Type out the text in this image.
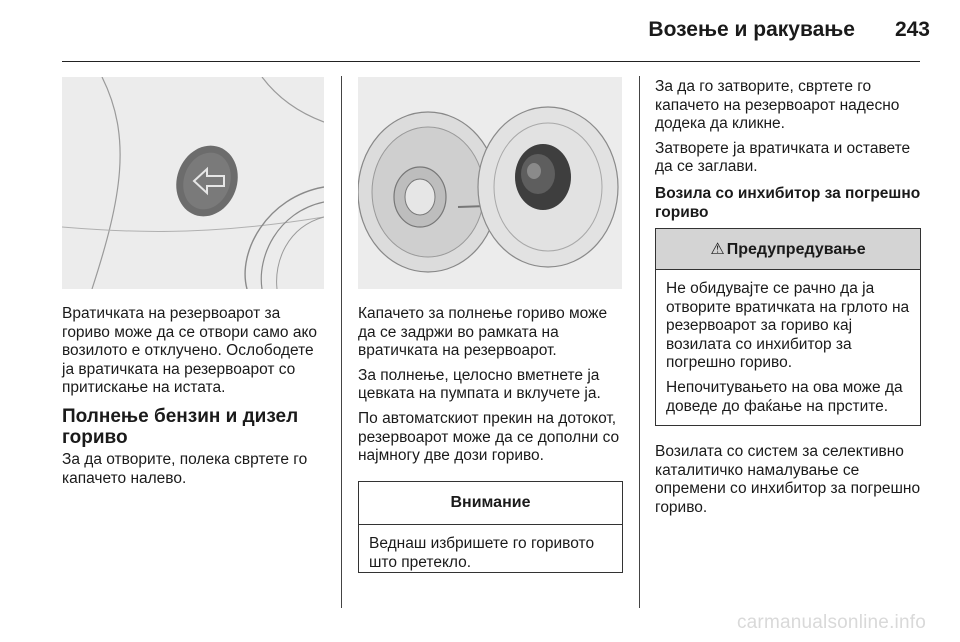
Возење и ракување	243

Вратичката на резервоарот за гориво може да се отвори само ако возилото е отклучено. Ослободете ја вратичката на резервоарот со притискање на истата.

Полнење бензин и дизел гориво

За да отворите, полека свртете го капачето налево.

Капачето за полнење гориво може да се задржи во рамката на вратичката на резервоарот.

За полнење, целосно вметнете ја цевката на пумпата и вклучете ја.

По автоматскиот прекин на дотокот, резервоарот може да се дополни со најмногу две дози гориво.

Внимание

Веднаш избришете го горивото што претекло.

За да го затворите, свртете го капачето на резервоарот надесно додека да кликне.

Затворете ја вратичката и оставете да се заглави.

Возила со инхибитор за погрешно гориво
⚠ Предупредување

Не обидувајте се рачно да ја отворите вратичката на грлото на резервоарот за гориво кај возилата со инхибитор за погрешно гориво.

Непочитувањето на ова може да доведе до фаќање на прстите.

Возилата со систем за селективно каталитичко намалување се опремени со инхибитор за погрешно гориво.

carmanualsonline.info
